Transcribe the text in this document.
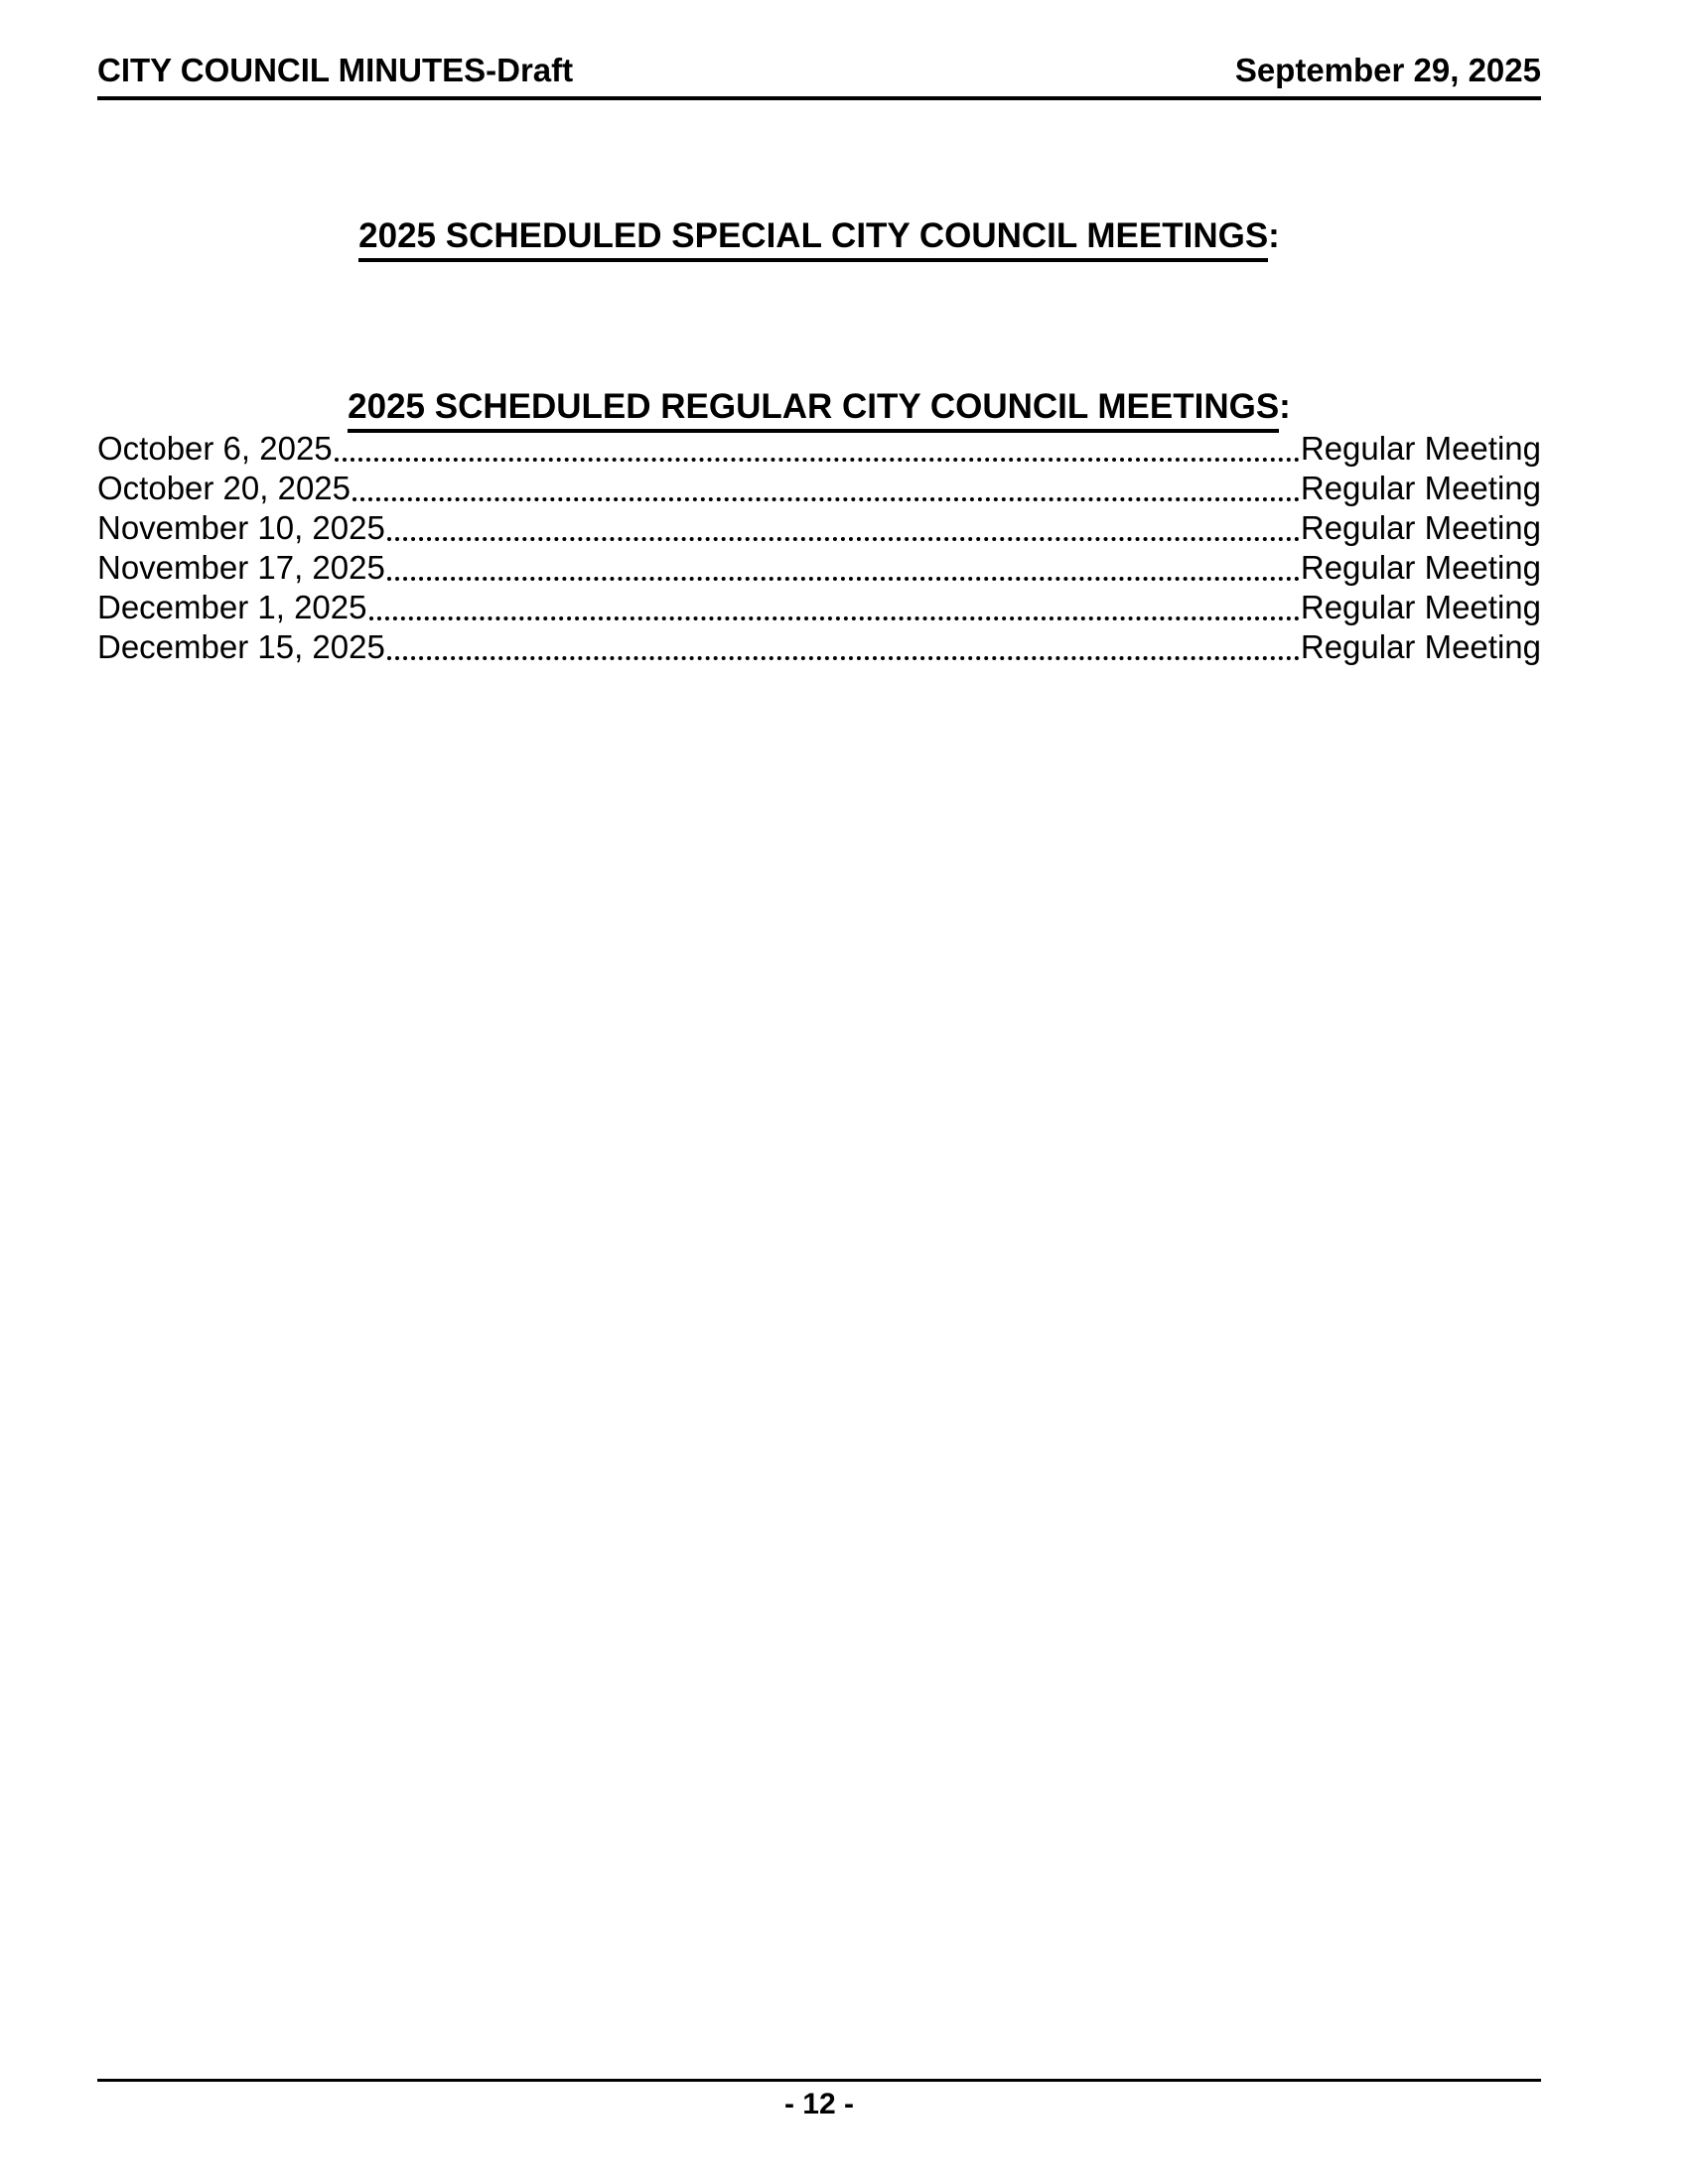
CITY COUNCIL MINUTES-Draft	September 29, 2025
2025 SCHEDULED SPECIAL CITY COUNCIL MEETINGS:
2025 SCHEDULED REGULAR CITY COUNCIL MEETINGS:
October 6, 2025	Regular Meeting
October 20, 2025	Regular Meeting
November 10, 2025	Regular Meeting
November 17, 2025	Regular Meeting
December 1, 2025	Regular Meeting
December 15, 2025	Regular Meeting
- 12 -
